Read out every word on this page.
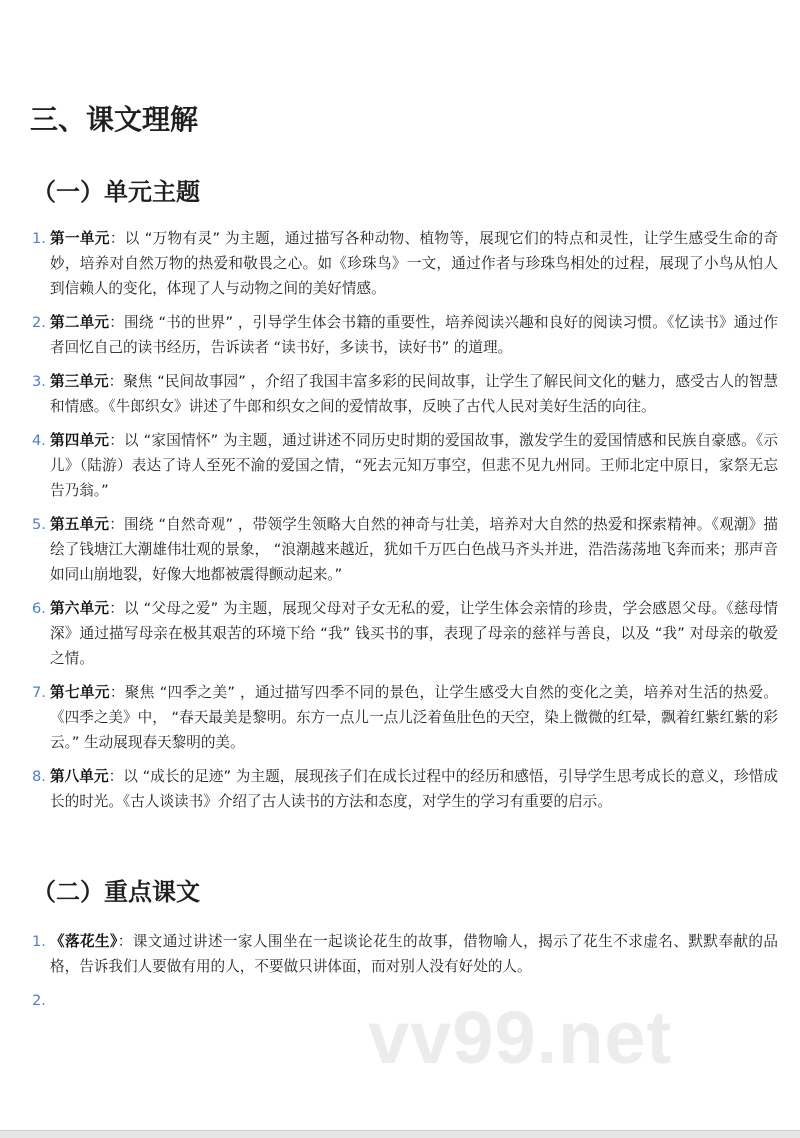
三、课文理解
（一）单元主题
1. 第一单元：以 “万物有灵” 为主题，通过描写各种动物、植物等，展现它们的特点和灵性，让学生感受生命的奇妙，培养对自然万物的热爱和敬畏之心。如《珍珠鸟》一文，通过作者与珍珠鸟相处的过程，展现了小鸟从怕人到信赖人的变化，体现了人与动物之间的美好情感。
2. 第二单元：围绕 “书的世界” ，引导学生体会书籍的重要性，培养阅读兴趣和良好的阅读习惯。《忆读书》通过作者回忆自己的读书经历，告诉读者 “读书好，多读书，读好书” 的道理。
3. 第三单元：聚焦 “民间故事园” ，介绍了我国丰富多彩的民间故事，让学生了解民间文化的魅力，感受古人的智慧和情感。《牛郎织女》讲述了牛郎和织女之间的爱情故事，反映了古代人民对美好生活的向往。
4. 第四单元：以 “家国情怀” 为主题，通过讲述不同历史时期的爱国故事，激发学生的爱国情感和民族自豪感。《示儿》（陆游）表达了诗人至死不渝的爱国之情，“死去元知万事空，但悲不见九州同。王师北定中原日，家祭无忘告乃翁。”
5. 第五单元：围绕 “自然奇观” ，带领学生领略大自然的神奇与壮美，培养对大自然的热爱和探索精神。《观潮》描绘了钱塘江大潮雄伟壮观的景象， “浪潮越来越近，犹如千万匹白色战马齐头并进，浩浩荡荡地飞奔而来；那声音如同山崩地裂，好像大地都被震得颤动起来。”
6. 第六单元：以 “父母之爱” 为主题，展现父母对子女无私的爱，让学生体会亲情的珍贵，学会感恩父母。《慈母情深》通过描写母亲在极其艰苦的环境下给 “我” 钱买书的事，表现了母亲的慈祥与善良，以及 “我” 对母亲的敬爱之情。
7. 第七单元：聚焦 “四季之美” ，通过描写四季不同的景色，让学生感受大自然的变化之美，培养对生活的热爱。《四季之美》中， “春天最美是黎明。东方一点儿一点儿泛着鱼肚色的天空，染上微微的红晕，飘着红紫红紫的彩云。” 生动展现春天黎明的美。
8. 第八单元：以 “成长的足迹” 为主题，展现孩子们在成长过程中的经历和感悟，引导学生思考成长的意义，珍惜成长的时光。《古人谈读书》介绍了古人读书的方法和态度，对学生的学习有重要的启示。
（二）重点课文
1. 《落花生》：课文通过讲述一家人围坐在一起谈论花生的故事，借物喻人，揭示了花生不求虚名、默默奉献的品格，告诉我们人要做有用的人，不要做只讲体面，而对别人没有好处的人。
2.	vv99.net
